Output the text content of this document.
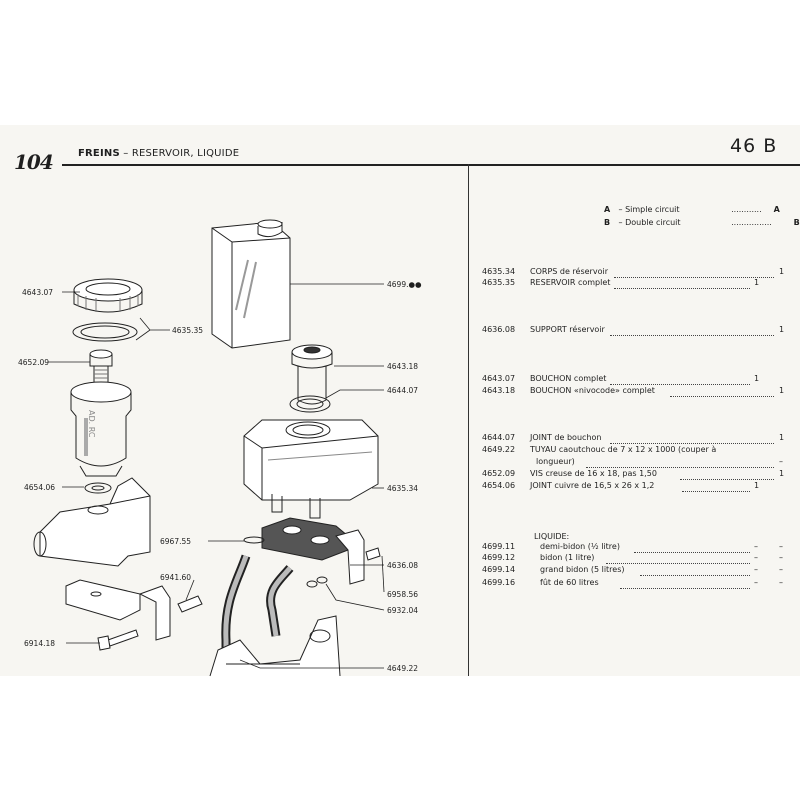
104	FREINS – RESERVOIR, LIQUIDE	46 B
4699.●●
4643.07
4635.35
4652.09	4643.18
4644.07
4654.06	4635.34
6967.55
4636.08
6941.60
6958.56
6932.04
6914.18
4649.22
AD. RC
A – Simple circuit	............ A
B – Double circuit	................	B
4635.34 CORPS de réservoir	1
4635.35 RESERVOIR complet	1
4636.08 SUPPORT réservoir	1
4643.07 BOUCHON complet	1
4643.18 BOUCHON «nivocode» complet	1
4644.07 JOINT de bouchon	1
4649.22 TUYAU caoutchouc de 7 x 12 x 1000 (couper à
longueur)	–
4652.09 VIS creuse de 16 x 18, pas 1,50	1
4654.06 JOINT cuivre de 16,5 x 26 x 1,2	1
LIQUIDE:
4699.11	demi-bidon (½ litre)	–	–
4699.12	bidon (1 litre)	–	–
4699.14	grand bidon (5 litres)	–	–
4699.16	fût de 60 litres	–	–
